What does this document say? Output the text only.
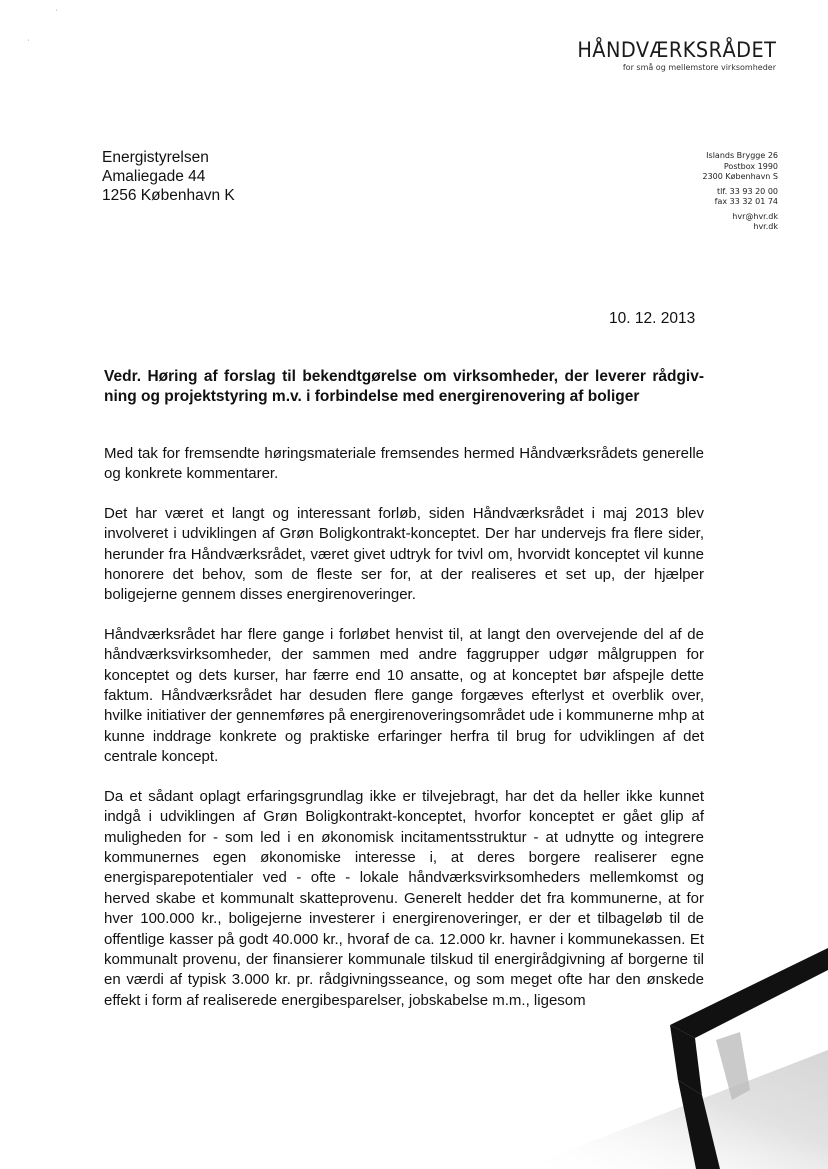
HÅNDVÆRKSRÅDET
for små og mellemstore virksomheder
Energistyrelsen
Amaliegade 44
1256 København K
Islands Brygge 26
Postbox 1990
2300 København S
tlf. 33 93 20 00
fax 33 32 01 74
hvr@hvr.dk
hvr.dk
10. 12. 2013
Vedr. Høring af forslag til bekendtgørelse om virksomheder, der leverer rådgiv-ning og projektstyring m.v. i forbindelse med energirenovering af boliger

Med tak for fremsendte høringsmateriale fremsendes hermed Håndværksrådets generelle og konkrete kommentarer.

Det har været et langt og interessant forløb, siden Håndværksrådet i maj 2013 blev involveret i udviklingen af Grøn Boligkontrakt-konceptet. Der har undervejs fra flere sider, herunder fra Håndværksrådet, været givet udtryk for tvivl om, hvorvidt konceptet vil kunne honorere det behov, som de fleste ser for, at der realiseres et set up, der hjælper boligejerne gennem disses energirenoveringer.

Håndværksrådet har flere gange i forløbet henvist til, at langt den overvejende del af de håndværksvirksomheder, der sammen med andre faggrupper udgør målgruppen for konceptet og dets kurser, har færre end 10 ansatte, og at konceptet bør afspejle dette faktum. Håndværksrådet har desuden flere gange forgæves efterlyst et overblik over, hvilke initiativer der gennemføres på energirenoveringsområdet ude i kommunerne mhp at kunne inddrage konkrete og praktiske erfaringer herfra til brug for udviklingen af det centrale koncept.

Da et sådant oplagt erfaringsgrundlag ikke er tilvejebragt, har det da heller ikke kunnet indgå i udviklingen af Grøn Boligkontrakt-konceptet, hvorfor konceptet er gået glip af muligheden for - som led i en økonomisk incitamentsstruktur - at udnytte og integrere kommunernes egen økonomiske interesse i, at deres borgere realiserer egne energisparepotentialer ved - ofte - lokale håndværksvirksomheders mellemkomst og herved skabe et kommunalt skatteprovenu. Generelt hedder det fra kommunerne, at for hver 100.000 kr., boligejerne investerer i energirenoveringer, er der et tilbageløb til de offentlige kasser på godt 40.000 kr., hvoraf de ca. 12.000 kr. havner i kommunekassen. Et kommunalt provenu, der finansierer kommunale tilskud til energirådgivning af borgerne til en værdi af typisk 3.000 kr. pr. rådgivningsseance, og som meget ofte har den ønskede effekt i form af realiserede energibesparelser, jobskabelse m.m., ligesom

'
'
